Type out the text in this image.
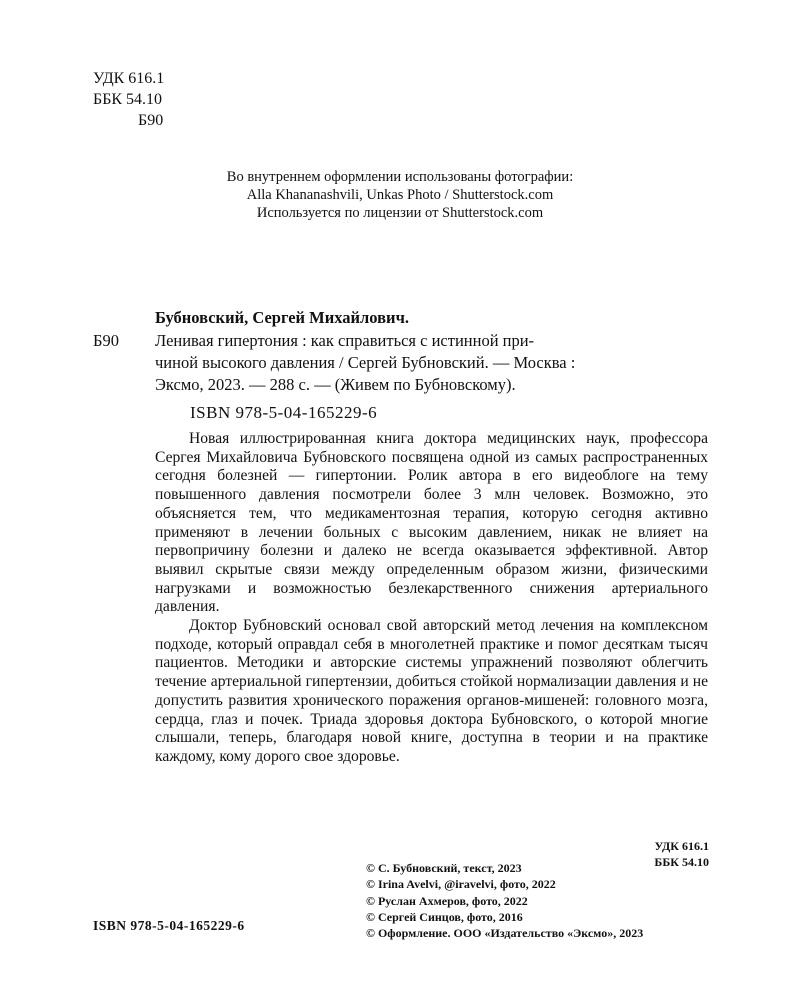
УДК 616.1
ББК 54.10
Б90
Во внутреннем оформлении использованы фотографии:
Alla Khananashvili, Unkas Photo / Shutterstock.com
Используется по лицензии от Shutterstock.com
Бубновский, Сергей Михайлович.
Б90 Ленивая гипертония : как справиться с истинной при-
чиной высокого давления / Сергей Бубновский. — Москва :
Эксмо, 2023. — 288 с. — (Живем по Бубновскому).
ISBN 978-5-04-165229-6

Новая иллюстрированная книга доктора медицинских наук, профессора Сергея Михайловича Бубновского посвящена одной из самых распространенных сегодня болезней — гипертонии. Ролик автора в его видеоблоге на тему повышенного давления посмотрели более 3 млн человек. Возможно, это объясняется тем, что медикаментозная терапия, которую сегодня активно применяют в лечении больных с высоким давлением, никак не влияет на первопричину болезни и далеко не всегда оказывается эффективной. Автор выявил скрытые связи между определенным образом жизни, физическими нагрузками и возможностью безлекарственного снижения артериального давления.

Доктор Бубновский основал свой авторский метод лечения на комплексном подходе, который оправдал себя в многолетней практике и помог десяткам тысяч пациентов. Методики и авторские системы упражнений позволяют облегчить течение артериальной гипертензии, добиться стойкой нормализации давления и не допустить развития хронического поражения органов-мишеней: головного мозга, сердца, глаз и почек. Триада здоровья доктора Бубновского, о которой многие слышали, теперь, благодаря новой книге, доступна в теории и на практике каждому, кому дорого свое здоровье.

УДК 616.1
ББК 54.10
© С. Бубновский, текст, 2023
© Irina Avelvi, @iravelvi, фото, 2022
© Руслан Ахмеров, фото, 2022
© Сергей Синцов, фото, 2016
© Оформление. ООО «Издательство «Эксмо», 2023
ISBN 978-5-04-165229-6
